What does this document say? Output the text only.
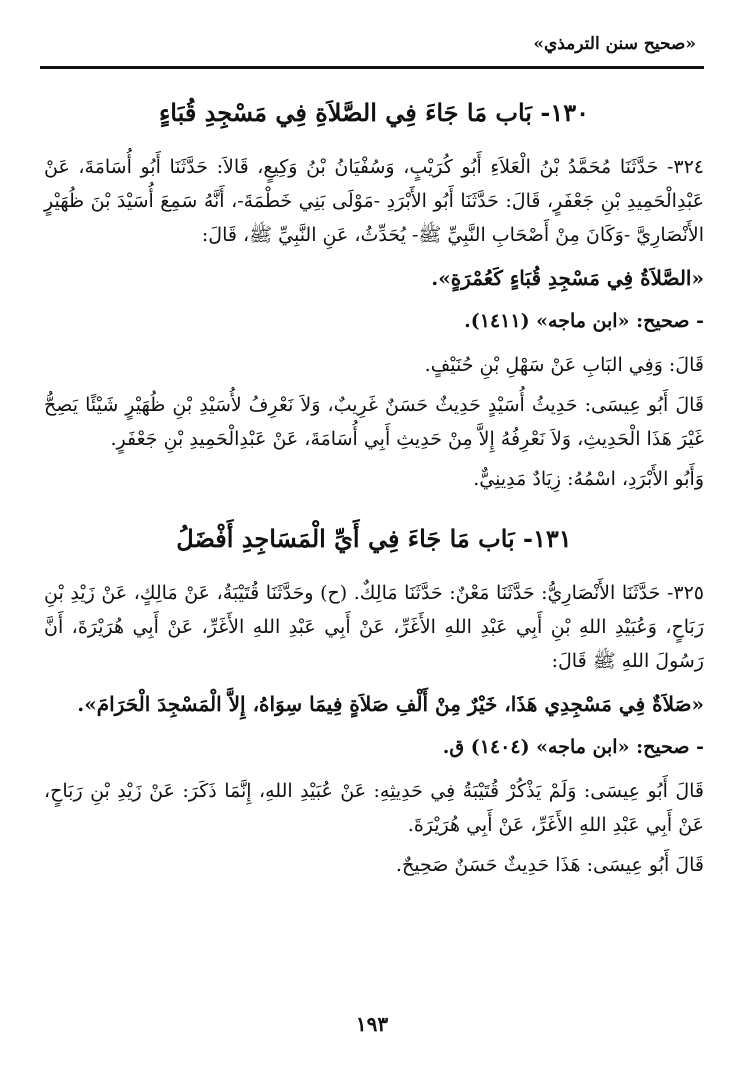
«صحيح سنن الترمذي»
١٣٠- بَاب مَا جَاءَ فِي الصَّلاَةِ فِي مَسْجِدِ قُبَاءٍ

٣٢٤- حَدَّثَنَا مُحَمَّدُ بْنُ الْعَلاَءِ أَبُو كُرَيْبٍ، وَسُفْيَانُ بْنُ وَكِيعٍ، قَالاَ: حَدَّثَنَا أَبُو أُسَامَةَ، عَنْ عَبْدِالْحَمِيدِ بْنِ جَعْفَرٍ، قَالَ: حَدَّثَنَا أَبُو الأَبْرَدِ -مَوْلَى بَنِي خَطْمَةَ-، أَنَّهُ سَمِعَ أُسَيْدَ بْنَ ظُهَيْرٍ الأَنْصَارِيَّ -وَكَانَ مِنْ أَصْحَابِ النَّبِيِّ ﷺ- يُحَدِّثُ، عَنِ النَّبِيِّ ﷺ، قَالَ:

«الصَّلاَةُ فِي مَسْجِدِ قُبَاءٍ كَعُمْرَةٍ».

- صحيح: «ابن ماجه» (١٤١١).

قَالَ: وَفِي البَابِ عَنْ سَهْلِ بْنِ حُنَيْفٍ.

قَالَ أَبُو عِيسَى: حَدِيثُ أُسَيْدٍ حَدِيثٌ حَسَنٌ غَرِيبٌ، وَلاَ نَعْرِفُ لأُسَيْدِ بْنِ ظُهَيْرٍ شَيْئًا يَصِحُّ غَيْرَ هَذَا الْحَدِيثِ، وَلاَ نَعْرِفُهُ إِلاَّ مِنْ حَدِيثِ أَبِي أُسَامَةَ، عَنْ عَبْدِالْحَمِيدِ بْنِ جَعْفَرٍ.

وَأَبُو الأَبْرَدِ، اسْمُهُ: زِيَادٌ مَدِينِيٌّ.

١٣١- بَاب مَا جَاءَ فِي أَيِّ الْمَسَاجِدِ أَفْضَلُ

٣٢٥- حَدَّثَنَا الأَنْصَارِيُّ: حَدَّثَنَا مَعْنٌ: حَدَّثَنَا مَالِكٌ. (ح) وحَدَّثَنَا قُتَيْبَةُ، عَنْ مَالِكٍ، عَنْ زَيْدِ بْنِ رَبَاحٍ، وَعُبَيْدِ اللهِ بْنِ أَبِي عَبْدِ اللهِ الأَغَرِّ، عَنْ أَبِي عَبْدِ اللهِ الأَغَرِّ، عَنْ أَبِي هُرَيْرَةَ، أَنَّ رَسُولَ اللهِ ﷺ قَالَ:

«صَلاَةٌ فِي مَسْجِدِي هَذَا، خَيْرٌ مِنْ أَلْفِ صَلاَةٍ فِيمَا سِوَاهُ، إِلاَّ الْمَسْجِدَ الْحَرَامَ».

- صحيح: «ابن ماجه» (١٤٠٤) ق.

قَالَ أَبُو عِيسَى: وَلَمْ يَذْكُرْ قُتَيْبَةُ فِي حَدِيثِهِ: عَنْ عُبَيْدِ اللهِ، إِنَّمَا ذَكَرَ: عَنْ زَيْدِ بْنِ رَبَاحٍ، عَنْ أَبِي عَبْدِ اللهِ الأَغَرِّ، عَنْ أَبِي هُرَيْرَةَ.

قَالَ أَبُو عِيسَى: هَذَا حَدِيثٌ حَسَنٌ صَحِيحٌ.

١٩٣
